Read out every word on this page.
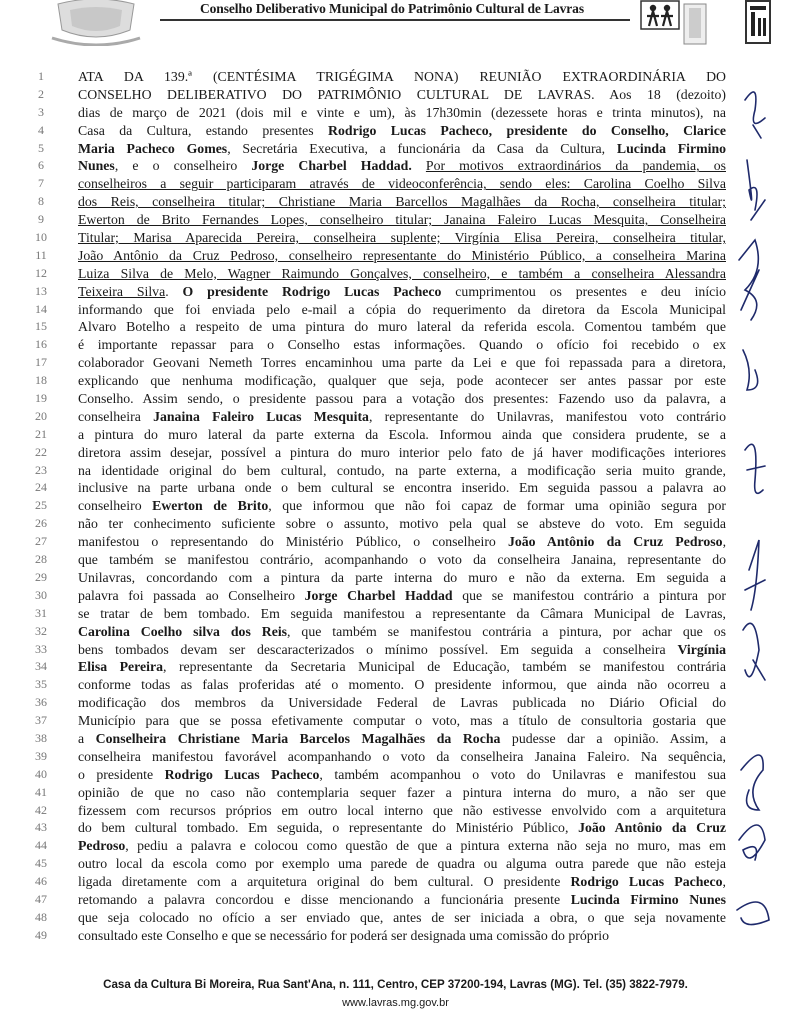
Conselho Deliberativo Municipal do Patrimônio Cultural de Lavras
1	ATA DA 139.ª (CENTÉSIMA TRIGÉGIMA NONA) REUNIÃO EXTRAORDINÁRIA DO
2	CONSELHO DELIBERATIVO DO PATRIMÔNIO CULTURAL DE LAVRAS. Aos 18 (dezoito)
3	dias de março de 2021 (dois mil e vinte e um), às 17h30min (dezessete horas e trinta minutos), na
4	Casa da Cultura, estando presentes Rodrigo Lucas Pacheco, presidente do Conselho, Clarice
5	Maria Pacheco Gomes, Secretária Executiva, a funcionária da Casa da Cultura, Lucinda Firmino
6	Nunes, e o conselheiro Jorge Charbel Haddad. Por motivos extraordinários da pandemia, os
7	conselheiros a seguir participaram através de videoconferência, sendo eles: Carolina Coelho Silva
8	dos Reis, conselheira titular; Christiane Maria Barcellos Magalhães da Rocha, conselheira titular;
9	Ewerton de Brito Fernandes Lopes, conselheiro titular; Janaina Faleiro Lucas Mesquita, Conselheira
10	Titular; Marisa Aparecida Pereira, conselheira suplente; Virgínia Elisa Pereira, conselheira titular,
11	João Antônio da Cruz Pedroso, conselheiro representante do Ministério Público, a conselheira Marina
12	Luiza Silva de Melo, Wagner Raimundo Gonçalves, conselheiro, e também a conselheira Alessandra
13	Teixeira Silva. O presidente Rodrigo Lucas Pacheco cumprimentou os presentes e deu início
14	informando que foi enviada pelo e-mail a cópia do requerimento da diretora da Escola Municipal
15	Alvaro Botelho a respeito de uma pintura do muro lateral da referida escola. Comentou também que
16	é importante repassar para o Conselho estas informações. Quando o ofício foi recebido o ex
17	colaborador Geovani Nemeth Torres encaminhou uma parte da Lei e que foi repassada para a diretora,
18	explicando que nenhuma modificação, qualquer que seja, pode acontecer ser antes passar por este
19	Conselho. Assim sendo, o presidente passou para a votação dos presentes: Fazendo uso da palavra, a
20	conselheira Janaina Faleiro Lucas Mesquita, representante do Unilavras, manifestou voto contrário
21	a pintura do muro lateral da parte externa da Escola. Informou ainda que considera prudente, se a
22	diretora assim desejar, possível a pintura do muro interior pelo fato de já haver modificações interiores
23	na identidade original do bem cultural, contudo, na parte externa, a modificação seria muito grande,
24	inclusive na parte urbana onde o bem cultural se encontra inserido. Em seguida passou a palavra ao
25	conselheiro Ewerton de Brito, que informou que não foi capaz de formar uma opinião segura por
26	não ter conhecimento suficiente sobre o assunto, motivo pela qual se absteve do voto. Em seguida
27	manifestou o representando do Ministério Público, o conselheiro João Antônio da Cruz Pedroso,
28	que também se manifestou contrário, acompanhando o voto da conselheira Janaina, representante do
29	Unilavras, concordando com a pintura da parte interna do muro e não da externa. Em seguida a
30	palavra foi passada ao Conselheiro Jorge Charbel Haddad que se manifestou contrário a pintura por
31	se tratar de bem tombado. Em seguida manifestou a representante da Câmara Municipal de Lavras,
32	Carolina Coelho silva dos Reis, que também se manifestou contrária a pintura, por achar que os
33	bens tombados devam ser descaracterizados o mínimo possível. Em seguida a conselheira Virgínia
34	Elisa Pereira, representante da Secretaria Municipal de Educação, também se manifestou contrária
35	conforme todas as falas proferidas até o momento. O presidente informou, que ainda não ocorreu a
36	modificação dos membros da Universidade Federal de Lavras publicada no Diário Oficial do
37	Município para que se possa efetivamente computar o voto, mas a título de consultoria gostaria que
38	a Conselheira Christiane Maria Barcelos Magalhães da Rocha pudesse dar a opinião. Assim, a
39	conselheira manifestou favorável acompanhando o voto da conselheira Janaina Faleiro. Na sequência,
40	o presidente Rodrigo Lucas Pacheco, também acompanhou o voto do Unilavras e manifestou sua
41	opinião de que no caso não contemplaria sequer fazer a pintura interna do muro, a não ser que
42	fizessem com recursos próprios em outro local interno que não estivesse envolvido com a arquitetura
43	do bem cultural tombado. Em seguida, o representante do Ministério Público, João Antônio da Cruz
44	Pedroso, pediu a palavra e colocou como questão de que a pintura externa não seja no muro, mas em
45	outro local da escola como por exemplo uma parede de quadra ou alguma outra parede que não esteja
46	ligada diretamente com a arquitetura original do bem cultural. O presidente Rodrigo Lucas Pacheco,
47	retomando a palavra concordou e disse mencionando a funcionária presente Lucinda Firmino Nunes
48	que seja colocado no ofício a ser enviado que, antes de ser iniciada a obra, o que seja novamente
49	consultado este Conselho e que se necessário for poderá ser designada uma comissão do próprio
Casa da Cultura Bi Moreira, Rua Sant'Ana, n. 111, Centro, CEP 37200-194, Lavras (MG). Tel. (35) 3822-7979.
www.lavras.mg.gov.br
